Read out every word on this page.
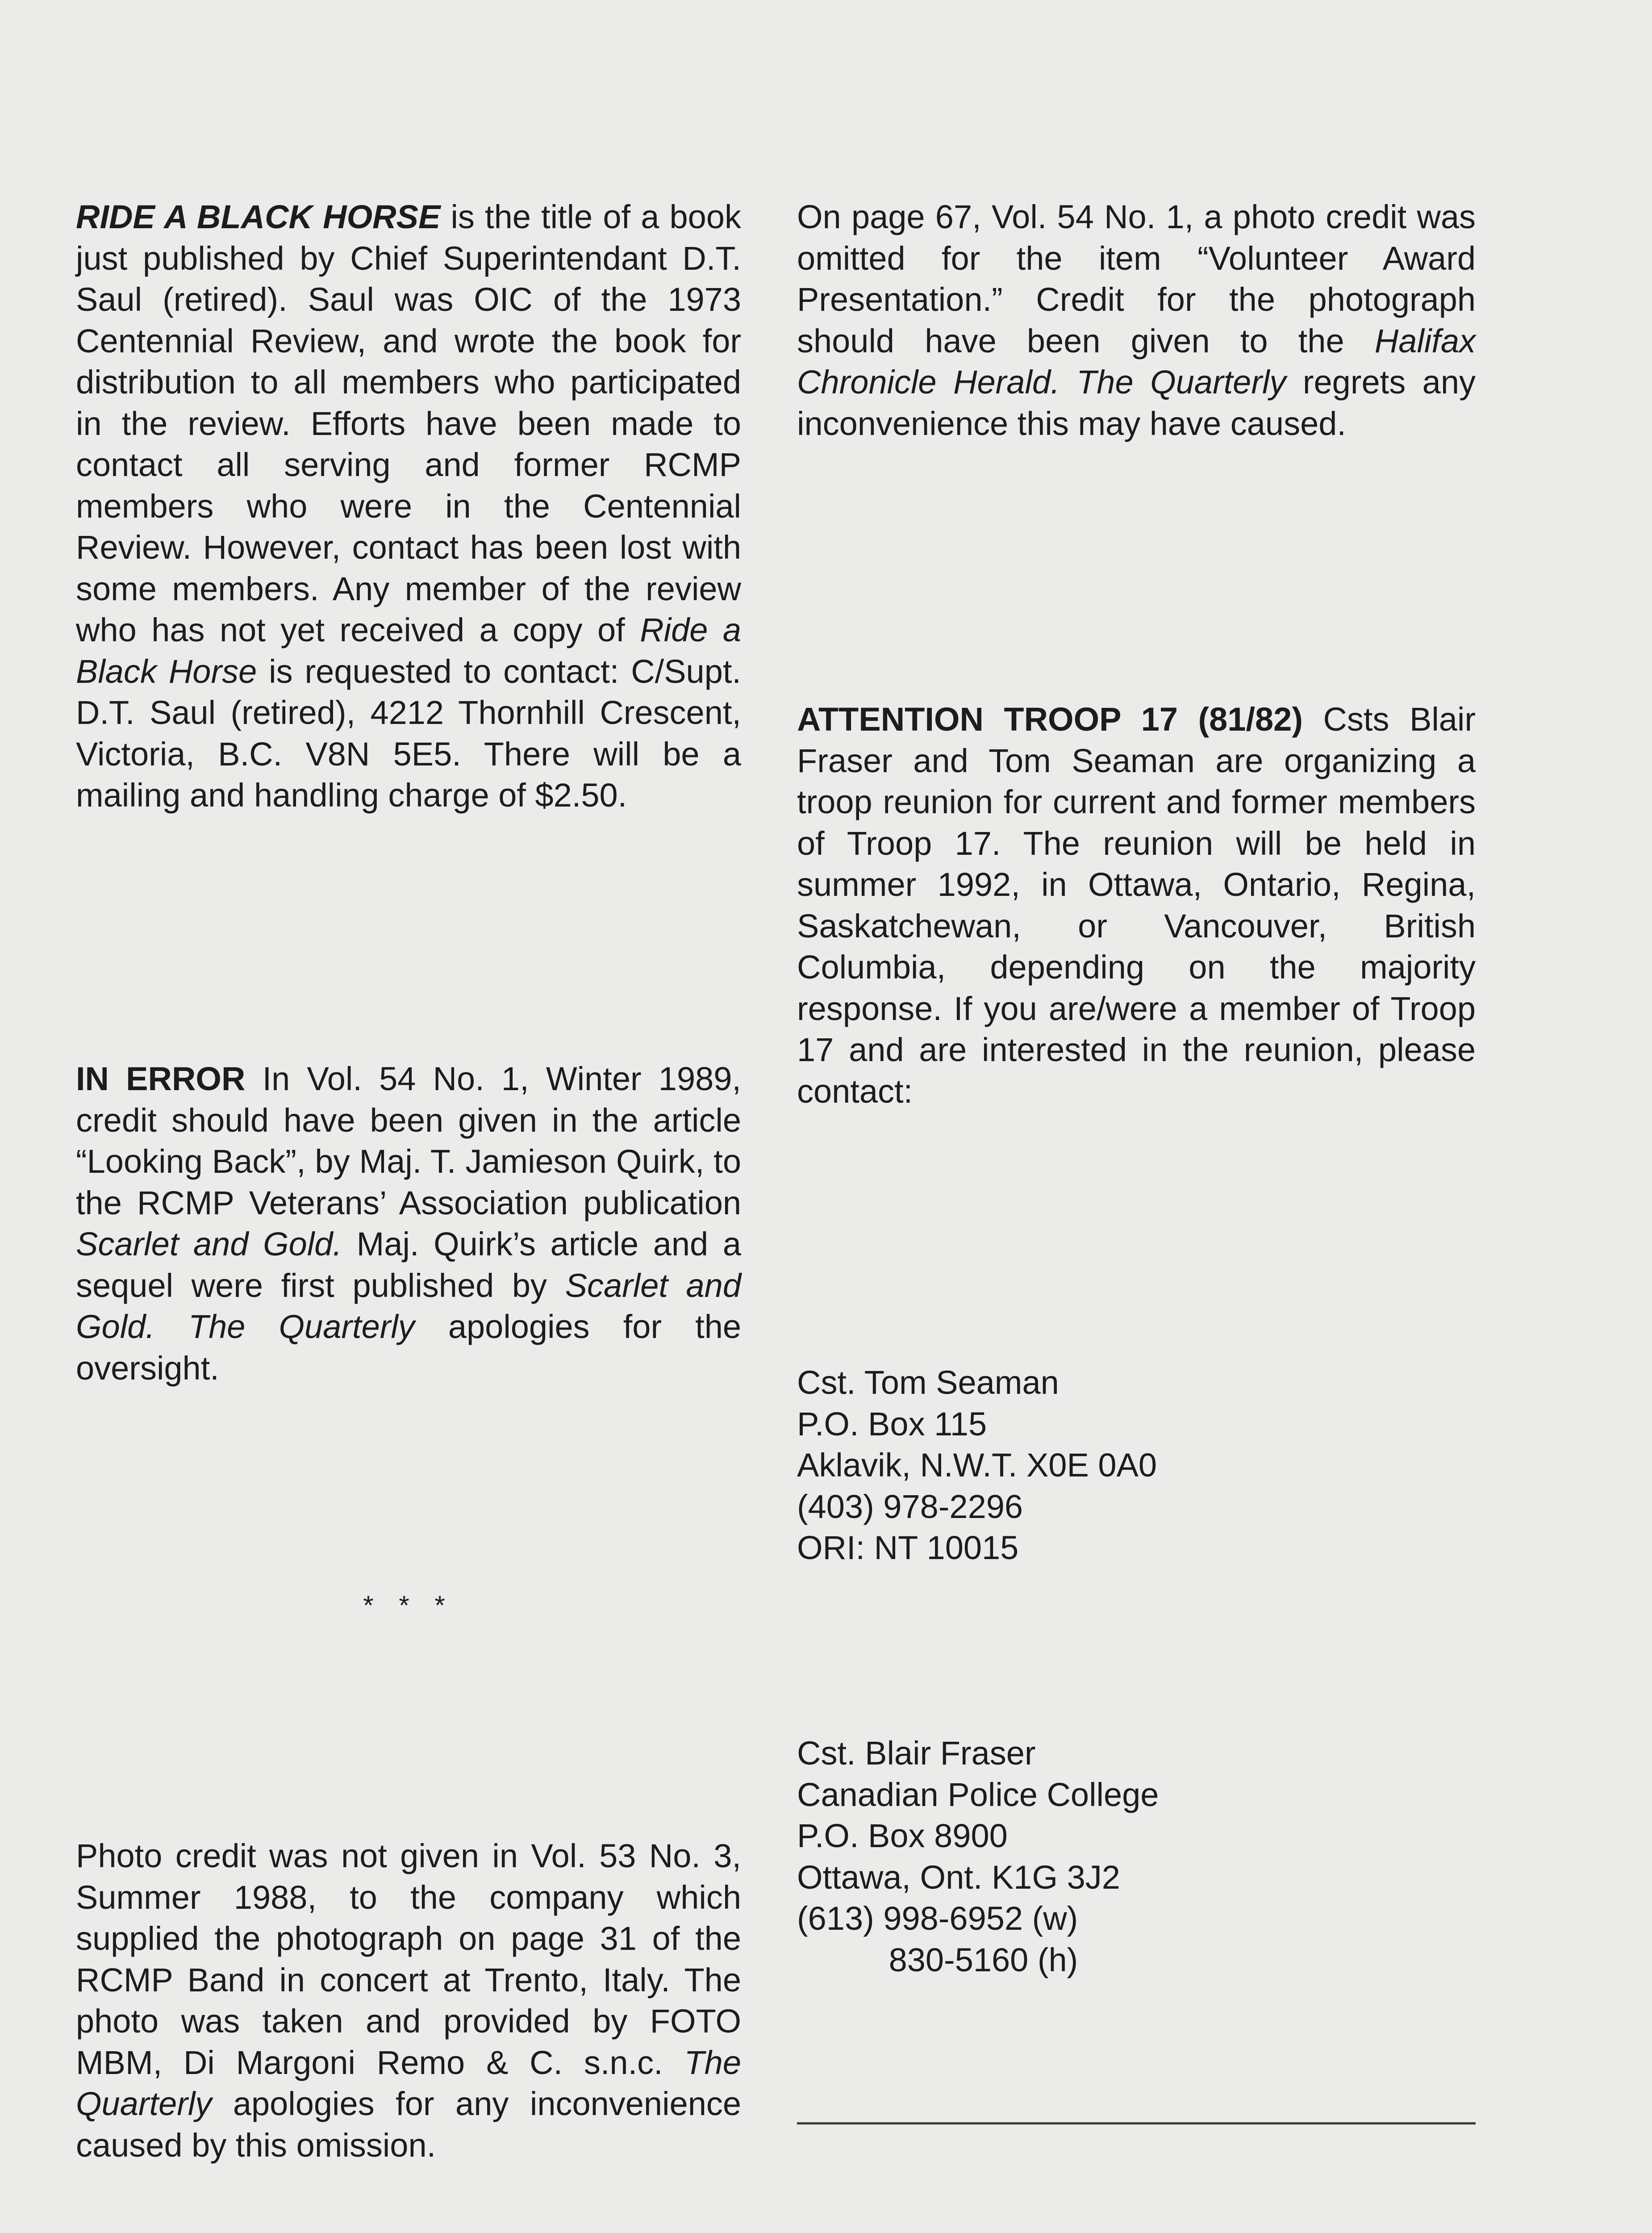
RIDE A BLACK HORSE is the title of a book just published by Chief Superintendant D.T. Saul (retired). Saul was OIC of the 1973 Centennial Review, and wrote the book for distribution to all members who participated in the review. Efforts have been made to contact all serving and former RCMP members who were in the Centennial Review. However, contact has been lost with some members. Any member of the review who has not yet received a copy of Ride a Black Horse is requested to contact: C/Supt. D.T. Saul (retired), 4212 Thornhill Crescent, Victoria, B.C. V8N 5E5. There will be a mailing and handling charge of $2.50.

IN ERROR In Vol. 54 No. 1, Winter 1989, credit should have been given in the article “Looking Back”, by Maj. T. Jamieson Quirk, to the RCMP Veterans’ Association publication Scarlet and Gold. Maj. Quirk’s article and a sequel were first published by Scarlet and Gold. The Quarterly apologies for the oversight.

Photo credit was not given in Vol. 53 No. 3, Summer 1988, to the company which supplied the photograph on page 31 of the RCMP Band in concert at Trento, Italy. The photo was taken and provided by FOTO MBM, Di Margoni Remo & C. s.n.c. The Quarterly apologies for any inconvenience caused by this omission.

* * *

On page 67, Vol. 54 No. 1, a photo credit was omitted for the item “Volunteer Award Presentation.” Credit for the photograph should have been given to the Halifax Chronicle Herald. The Quarterly regrets any inconvenience this may have caused.

ATTENTION TROOP 17 (81/82) Csts Blair Fraser and Tom Seaman are organizing a troop reunion for current and former members of Troop 17. The reunion will be held in summer 1992, in Ottawa, Ontario, Regina, Saskatchewan, or Vancouver, British Columbia, depending on the majority response. If you are/were a member of Troop 17 and are interested in the reunion, please contact:

Cst. Tom Seaman
P.O. Box 115
Aklavik, N.W.T. X0E 0A0
(403) 978-2296
ORI: NT 10015
Cst. Blair Fraser
Canadian Police College
P.O. Box 8900
Ottawa, Ont. K1G 3J2
(613) 998-6952 (w)
830-5160 (h)
